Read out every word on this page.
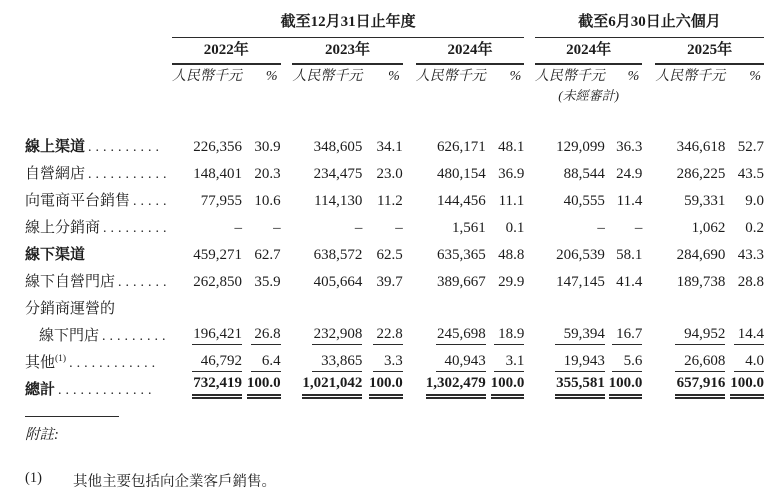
	截至12月31日止年度									截至6月30日止六個月				
	2022年			2023年			2024年			2024年			2025年	
	人民幣千元	%		人民幣千元	%		人民幣千元	%		人民幣千元	%		人民幣千元	%
										(未經審計)				

線上渠道 ..........	226,356	30.9		348,605	34.1		626,171	48.1		129,099	36.3		346,618	52.7
自營網店 ...........	148,401	20.3		234,475	23.0		480,154	36.9		88,544	24.9		286,225	43.5
向電商平台銷售 .....	77,955	10.6		114,130	11.2		144,456	11.1		40,555	11.4		59,331	9.0
線上分銷商 .........	–	–		–	–		1,561	0.1		–	–		1,062	0.2
線下渠道	459,271	62.7		638,572	62.5		635,365	48.8		206,539	58.1		284,690	43.3
線下自營門店 .......	262,850	35.9		405,664	39.7		389,667	29.9		147,145	41.4		189,738	28.8
分銷商運營的														
線下門店 .........	196,421	26.8		232,908	22.8		245,698	18.9		59,394	16.7		94,952	14.4
其他$^{(1)}$ ............	46,792	6.4		33,865	3.3		40,943	3.1		19,943	5.6		26,608	4.0
總計 .............	732,419	100.0		1,021,042	100.0		1,302,479	100.0		355,581	100.0		657,916	100.0
附註:
(1)	其他主要包括向企業客戶銷售。
